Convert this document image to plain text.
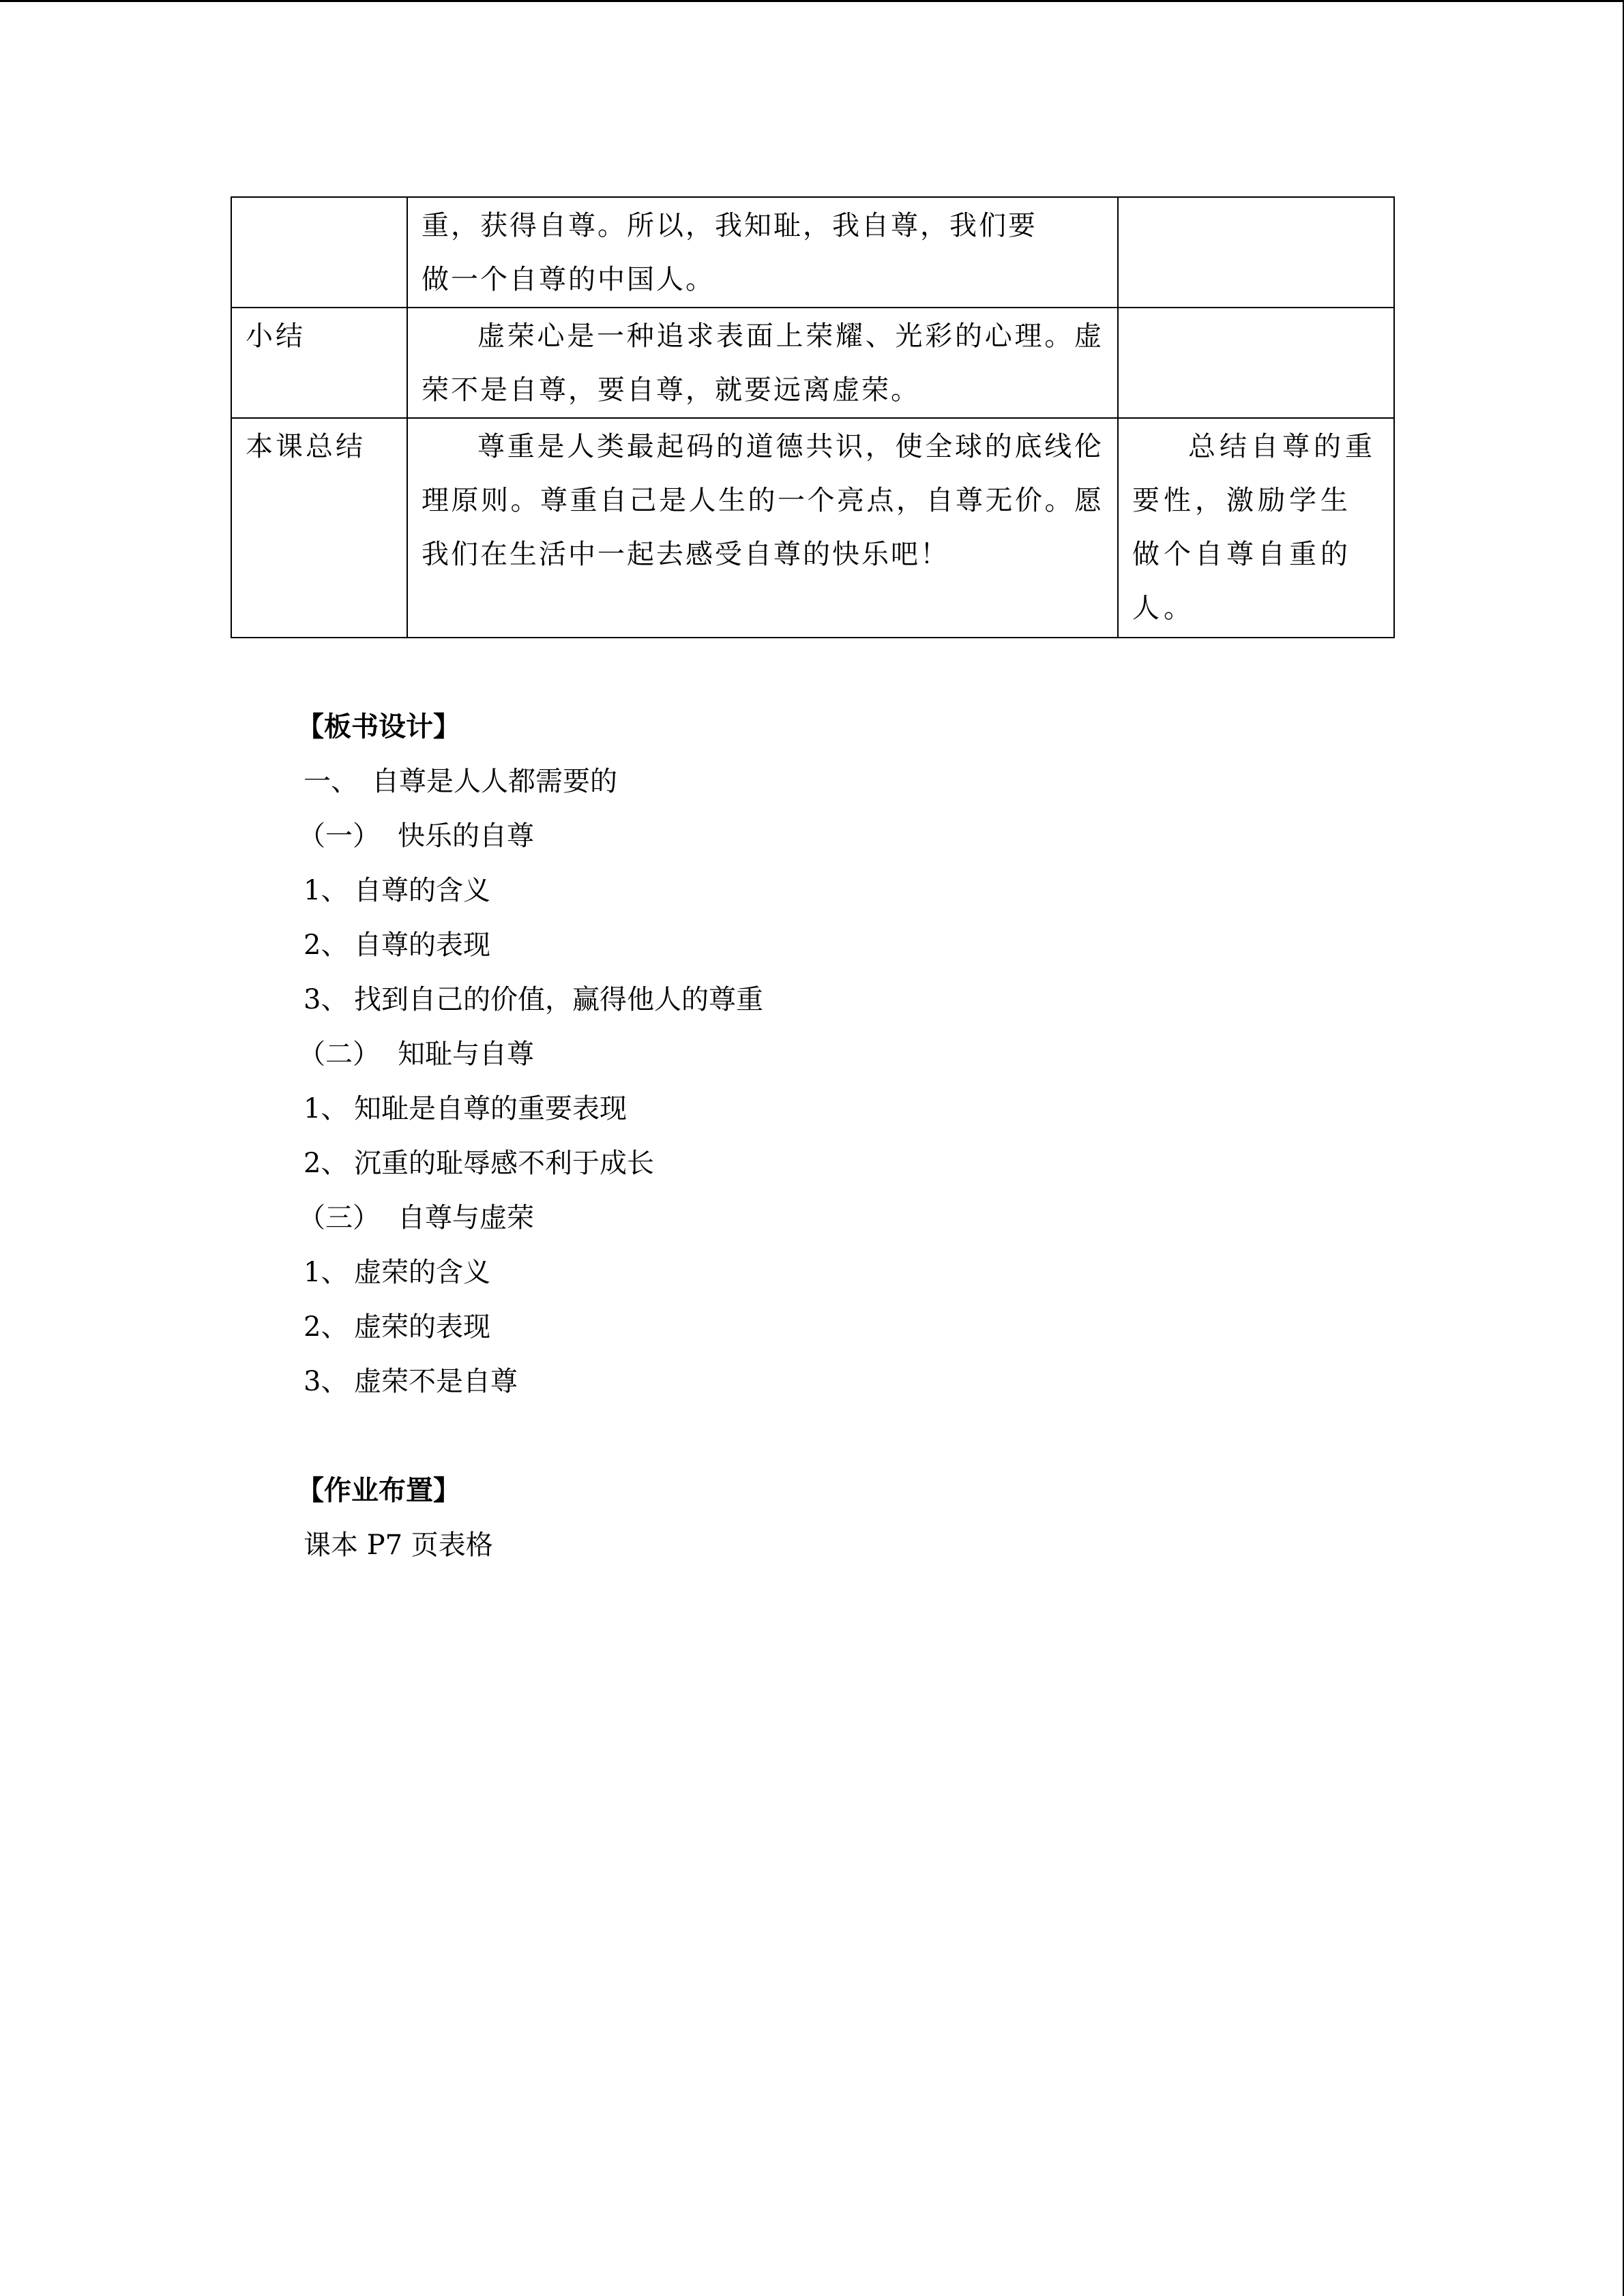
	重，获得自尊。所以，我知耻，我自尊，我们要

做一个自尊的中国人。	

小结	虚荣心是一种追求表面上荣耀、光彩的心理。虚荣不是自尊，要自尊，就要远离虚荣。	

本课总结	尊重是人类最起码的道德共识，使全球的底线伦理原则。尊重自己是人生的一个亮点，自尊无价。愿我们在生活中一起去感受自尊的快乐吧！	总结自尊的重要性，激励学生做个自尊自重的人。

【板书设计】

一、 自尊是人人都需要的

（一） 快乐的自尊

1、 自尊的含义

2、 自尊的表现

3、 找到自己的价值，赢得他人的尊重

（二） 知耻与自尊

1、 知耻是自尊的重要表现

2、 沉重的耻辱感不利于成长

（三） 自尊与虚荣

1、 虚荣的含义

2、 虚荣的表现

3、 虚荣不是自尊

【作业布置】

课本 P7 页表格
